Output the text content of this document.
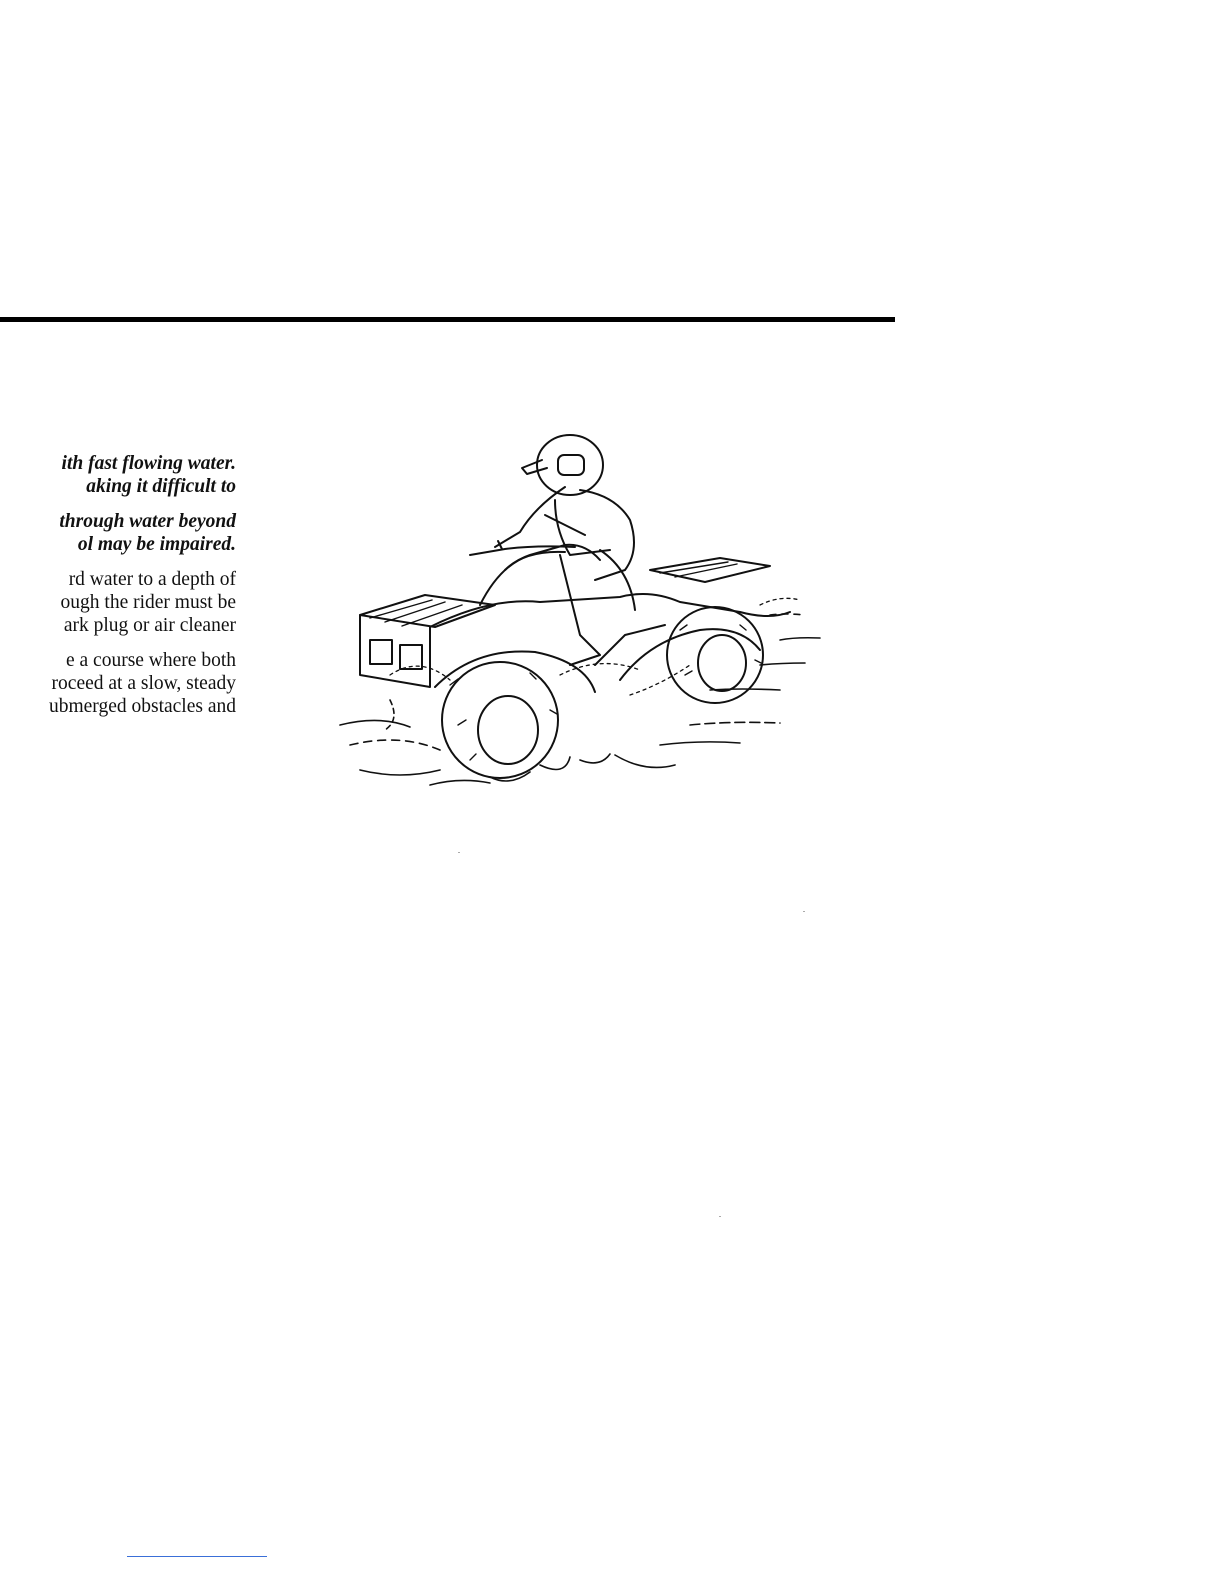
ith fast flowing water.
aking it difficult to
through water beyond
ol may be impaired.
rd water to a depth of
ough the rider must be
ark plug or air cleaner
e a course where both
roceed at a slow, steady
ubmerged obstacles and
